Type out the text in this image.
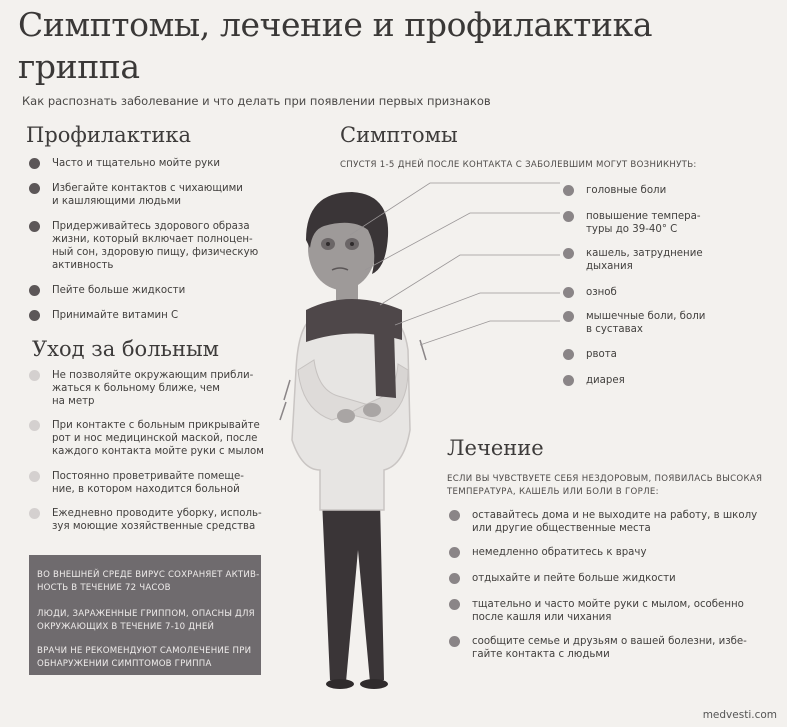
Симптомы, лечение и профилактика
гриппа
Как распознать заболевание и что делать при появлении первых признаков
Профилактика
Часто и тщательно мойте руки
Избегайте контактов с чихающими
и кашляющими людьми
Придерживайтесь здорового образа
жизни, который включает полноцен-
ный сон, здоровую пищу, физическую
активность
Пейте больше жидкости
Принимайте витамин С
Уход за больным
Не позволяйте окружающим прибли-
жаться к больному ближе, чем
на метр
При контакте с больным прикрывайте
рот и нос медицинской маской, после
каждого контакта мойте руки с мылом
Постоянно проветривайте помеще-
ние, в котором находится больной
Ежедневно проводите уборку, исполь-
зуя моющие хозяйственные средства
ВО ВНЕШНЕЙ СРЕДЕ ВИРУС СОХРАНЯЕТ АКТИВ-
НОСТЬ В ТЕЧЕНИЕ 72 ЧАСОВ
ЛЮДИ, ЗАРАЖЕННЫЕ ГРИППОМ, ОПАСНЫ ДЛЯ
ОКРУЖАЮЩИХ В ТЕЧЕНИЕ 7-10 ДНЕЙ
ВРАЧИ НЕ РЕКОМЕНДУЮТ САМОЛЕЧЕНИЕ ПРИ
ОБНАРУЖЕНИИ СИМПТОМОВ ГРИППА
Симптомы
СПУСТЯ 1-5 ДНЕЙ ПОСЛЕ КОНТАКТА С ЗАБОЛЕВШИМ МОГУТ ВОЗНИКНУТЬ:
головные боли
повышение темпера-
туры до 39-40° С
кашель, затруднение
дыхания
озноб
мышечные боли, боли
в суставах
рвота
диарея
Лечение
ЕСЛИ ВЫ ЧУВСТВУЕТЕ СЕБЯ НЕЗДОРОВЫМ, ПОЯВИЛАСЬ ВЫСОКАЯ
ТЕМПЕРАТУРА, КАШЕЛЬ ИЛИ БОЛИ В ГОРЛЕ:
оставайтесь дома и не выходите на работу, в школу
или другие общественные места
немедленно обратитесь к врачу
отдыхайте и пейте больше жидкости
тщательно и часто мойте руки с мылом, особенно
после кашля или чихания
сообщите семье и друзьям о вашей болезни, избе-
гайте контакта с людьми
medvesti.com
